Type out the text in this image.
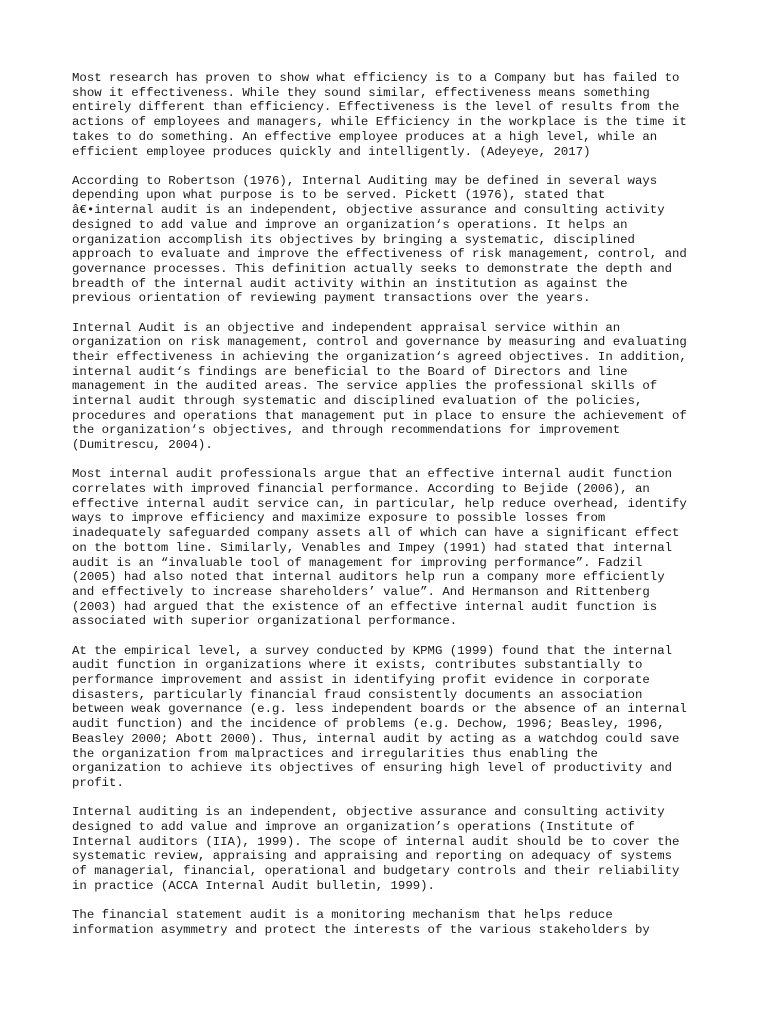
Most research has proven to show what efficiency is to a Company but has failed to
show it effectiveness. While they sound similar, effectiveness means something
entirely different than efficiency. Effectiveness is the level of results from the
actions of employees and managers, while Efficiency in the workplace is the time it
takes to do something. An effective employee produces at a high level, while an
efficient employee produces quickly and intelligently. (Adeyeye, 2017)

According to Robertson (1976), Internal Auditing may be defined in several ways
depending upon what purpose is to be served. Pickett (1976), stated that
â€•internal audit is an independent, objective assurance and consulting activity
designed to add value and improve an organization‘s operations. It helps an
organization accomplish its objectives by bringing a systematic, disciplined
approach to evaluate and improve the effectiveness of risk management, control, and
governance processes. This definition actually seeks to demonstrate the depth and
breadth of the internal audit activity within an institution as against the
previous orientation of reviewing payment transactions over the years.

Internal Audit is an objective and independent appraisal service within an
organization on risk management, control and governance by measuring and evaluating
their effectiveness in achieving the organization‘s agreed objectives. In addition,
internal audit‘s findings are beneficial to the Board of Directors and line
management in the audited areas. The service applies the professional skills of
internal audit through systematic and disciplined evaluation of the policies,
procedures and operations that management put in place to ensure the achievement of
the organization‘s objectives, and through recommendations for improvement
(Dumitrescu, 2004).

Most internal audit professionals argue that an effective internal audit function
correlates with improved financial performance. According to Bejide (2006), an
effective internal audit service can, in particular, help reduce overhead, identify
ways to improve efficiency and maximize exposure to possible losses from
inadequately safeguarded company assets all of which can have a significant effect
on the bottom line. Similarly, Venables and Impey (1991) had stated that internal
audit is an “invaluable tool of management for improving performance”. Fadzil
(2005) had also noted that internal auditors help run a company more efficiently
and effectively to increase shareholders’ value”. And Hermanson and Rittenberg
(2003) had argued that the existence of an effective internal audit function is
associated with superior organizational performance.

At the empirical level, a survey conducted by KPMG (1999) found that the internal
audit function in organizations where it exists, contributes substantially to
performance improvement and assist in identifying profit evidence in corporate
disasters, particularly financial fraud consistently documents an association
between weak governance (e.g. less independent boards or the absence of an internal
audit function) and the incidence of problems (e.g. Dechow, 1996; Beasley, 1996,
Beasley 2000; Abott 2000). Thus, internal audit by acting as a watchdog could save
the organization from malpractices and irregularities thus enabling the
organization to achieve its objectives of ensuring high level of productivity and
profit.

Internal auditing is an independent, objective assurance and consulting activity
designed to add value and improve an organization’s operations (Institute of
Internal auditors (IIA), 1999). The scope of internal audit should be to cover the
systematic review, appraising and appraising and reporting on adequacy of systems
of managerial, financial, operational and budgetary controls and their reliability
in practice (ACCA Internal Audit bulletin, 1999).

The financial statement audit is a monitoring mechanism that helps reduce
information asymmetry and protect the interests of the various stakeholders by
